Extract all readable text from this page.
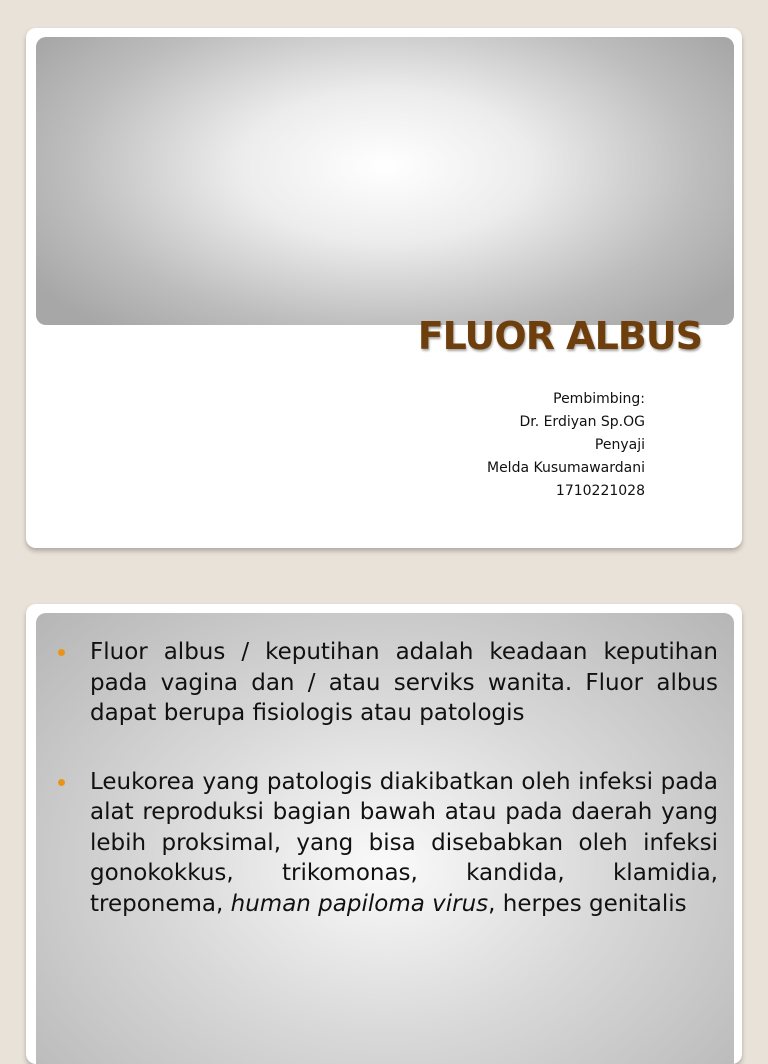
FLUOR ALBUS
Pembimbing:
Dr. Erdiyan Sp.OG
Penyaji
Melda Kusumawardani
1710221028
Fluor albus / keputihan adalah keadaan keputihan pada vagina dan / atau serviks wanita. Fluor albus dapat berupa fisiologis atau patologis
Leukorea yang patologis diakibatkan oleh infeksi pada alat reproduksi bagian bawah atau pada daerah yang lebih proksimal, yang bisa disebabkan oleh infeksi gonokokkus, trikomonas, kandida, klamidia, treponema, human papiloma virus, herpes genitalis
